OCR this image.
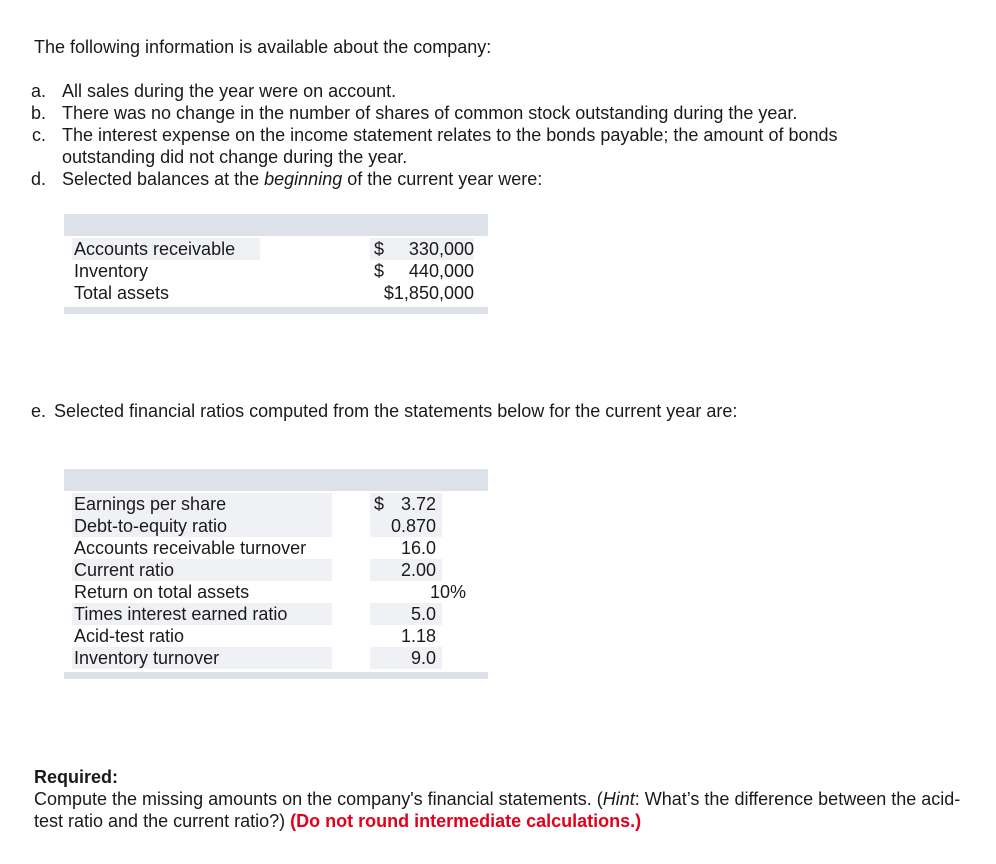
The following information is available about the company:
a. All sales during the year were on account.
b. There was no change in the number of shares of common stock outstanding during the year.
c. The interest expense on the income statement relates to the bonds payable; the amount of bonds outstanding did not change during the year.
d. Selected balances at the beginning of the current year were:
Accounts receivable	$ 330,000
Inventory	$ 440,000
Total assets	$1,850,000
e. Selected financial ratios computed from the statements below for the current year are:
Earnings per share	$ 3.72
Debt-to-equity ratio	0.870
Accounts receivable turnover	16.0
Current ratio	2.00
Return on total assets	10%
Times interest earned ratio	5.0
Acid-test ratio	1.18
Inventory turnover	9.0
Required:
Compute the missing amounts on the company's financial statements. (Hint: What’s the difference between the acid-test ratio and the current ratio?) (Do not round intermediate calculations.)
